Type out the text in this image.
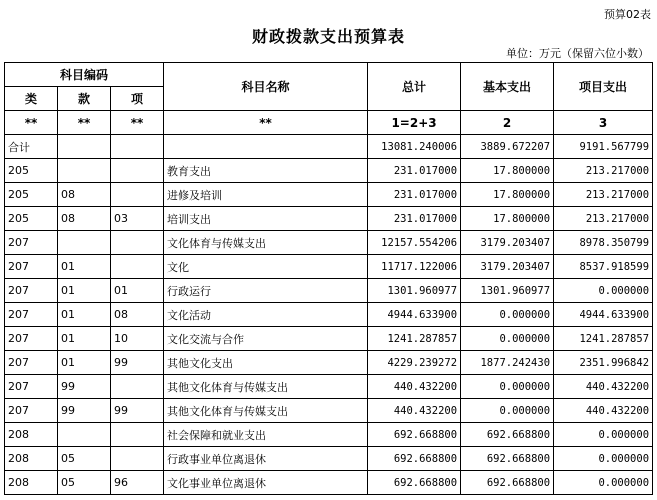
预算02表
财政拨款支出预算表
单位：万元（保留六位小数）
科目编码			科目名称	总计	基本支出	项目支出
类	款	项				
**	**	**	**	1=2+3	2	3
合计				13081.240006	3889.672207	9191.567799
205			教育支出	231.017000	17.800000	213.217000
205	08		进修及培训	231.017000	17.800000	213.217000
205	08	03	培训支出	231.017000	17.800000	213.217000
207			文化体育与传媒支出	12157.554206	3179.203407	8978.350799
207	01		文化	11717.122006	3179.203407	8537.918599
207	01	01	行政运行	1301.960977	1301.960977	0.000000
207	01	08	文化活动	4944.633900	0.000000	4944.633900
207	01	10	文化交流与合作	1241.287857	0.000000	1241.287857
207	01	99	其他文化支出	4229.239272	1877.242430	2351.996842
207	99		其他文化体育与传媒支出	440.432200	0.000000	440.432200
207	99	99	其他文化体育与传媒支出	440.432200	0.000000	440.432200
208			社会保障和就业支出	692.668800	692.668800	0.000000
208	05		行政事业单位离退休	692.668800	692.668800	0.000000
208	05	96	文化事业单位离退休	692.668800	692.668800	0.000000
